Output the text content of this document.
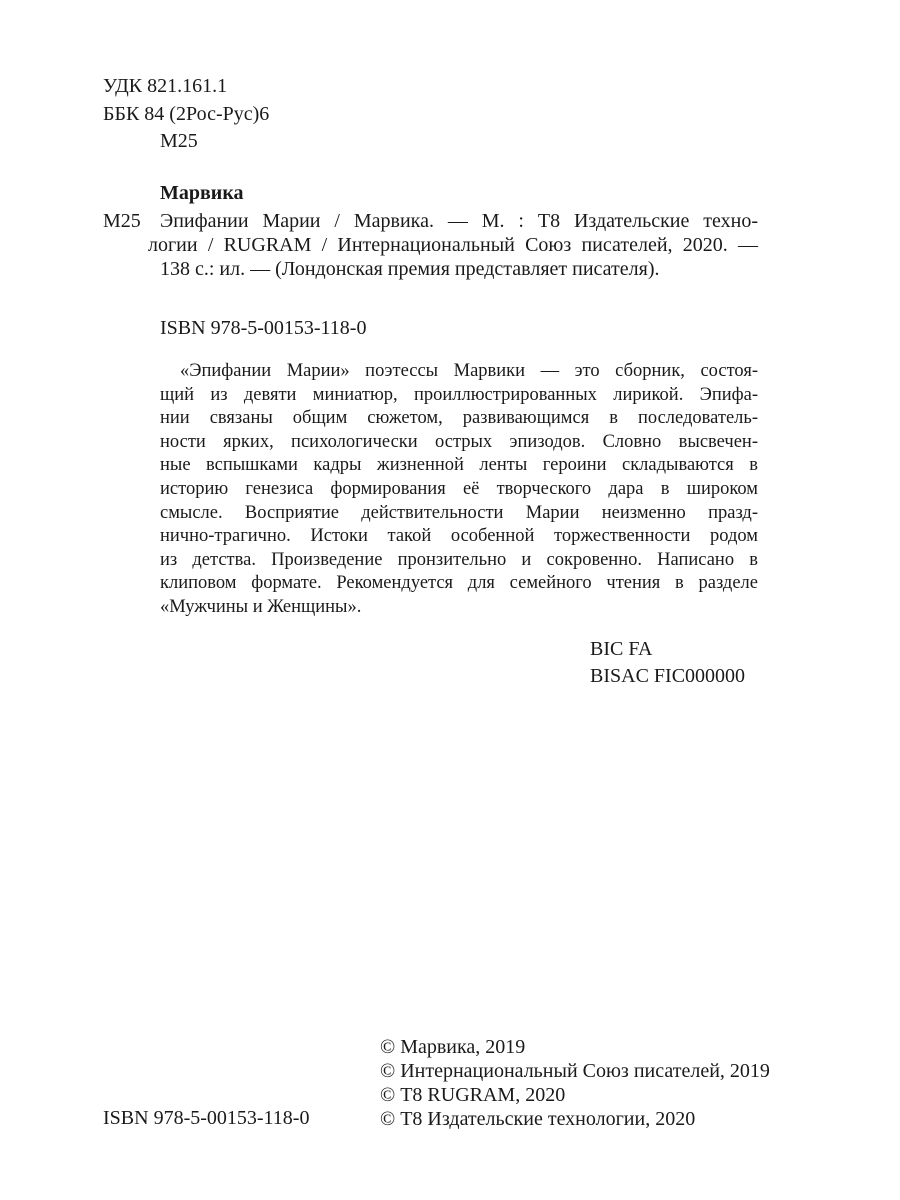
УДК 821.161.1
ББК 84 (2Рос-Рус)6
М25
Марвика
М25 Эпифании Марии / Марвика. — М. : Т8 Издательские техно-
логии / RUGRAM / Интернациональный Союз писателей, 2020. —
138 с.: ил. — (Лондонская премия представляет писателя).
ISBN 978-5-00153-118-0
«Эпифании Марии» поэтессы Марвики — это сборник, состоя-
щий из девяти миниатюр, проиллюстрированных лирикой. Эпифа-
нии связаны общим сюжетом, развивающимся в последователь-
ности ярких, психологически острых эпизодов. Словно высвечен-
ные вспышками кадры жизненной ленты героини складываются в
историю генезиса формирования её творческого дара в широком
смысле. Восприятие действительности Марии неизменно празд-
нично-трагично. Истоки такой особенной торжественности родом
из детства. Произведение пронзительно и сокровенно. Написано в
клиповом формате. Рекомендуется для семейного чтения в разделе
«Мужчины и Женщины».
BIC FA
BISAC FIC000000
ISBN 978-5-00153-118-0
© Марвика, 2019
© Интернациональный Союз писателей, 2019
© Т8 RUGRAM, 2020
© Т8 Издательские технологии, 2020
